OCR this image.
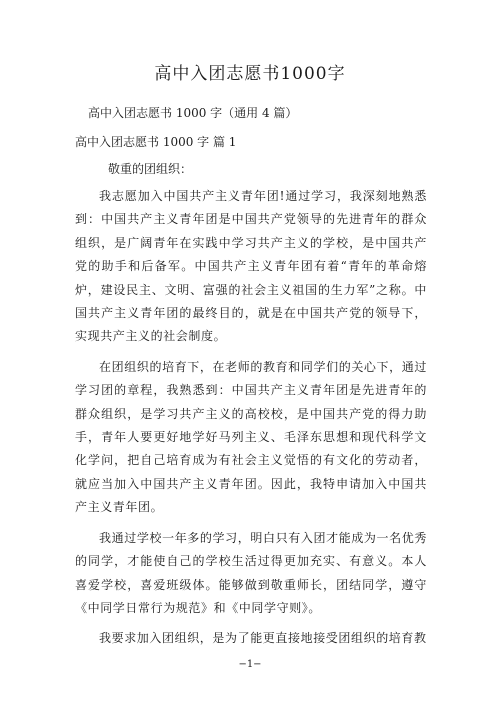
高中入团志愿书1000字
高中入团志愿书 1000 字（通用 4 篇）
高中入团志愿书 1000 字 篇 1
敬重的团组织：

我志愿加入中国共产主义青年团!通过学习，我深刻地熟悉到：中国共产主义青年团是中国共产党领导的先进青年的群众组织，是广阔青年在实践中学习共产主义的学校，是中国共产党的助手和后备军。中国共产主义青年团有着“青年的革命熔炉，建设民主、文明、富强的社会主义祖国的生力军”之称。中国共产主义青年团的最终目的，就是在中国共产党的领导下，实现共产主义的社会制度。

在团组织的培育下，在老师的教育和同学们的关心下，通过学习团的章程，我熟悉到：中国共产主义青年团是先进青年的群众组织，是学习共产主义的高校校，是中国共产党的得力助手，青年人要更好地学好马列主义、毛泽东思想和现代科学文化学问，把自己培育成为有社会主义觉悟的有文化的劳动者，就应当加入中国共产主义青年团。因此，我特申请加入中国共产主义青年团。

我通过学校一年多的学习，明白只有入团才能成为一名优秀的同学，才能使自己的学校生活过得更加充实、有意义。本人喜爱学校，喜爱班级体。能够做到敬重师长，团结同学，遵守《中同学日常行为规范》和《中同学守则》。

我要求加入团组织，是为了能更直接地接受团组织的培育教

−1−
